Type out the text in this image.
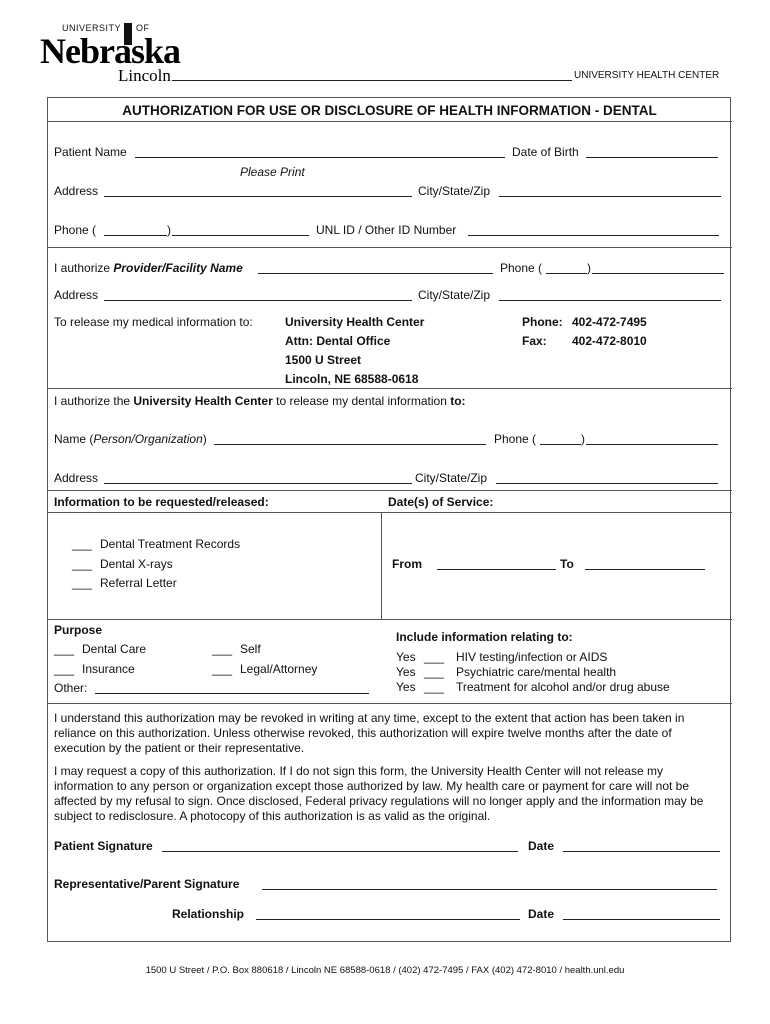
UNIVERSITY OF
Nebraska
Lincoln	UNIVERSITY HEALTH CENTER
AUTHORIZATION FOR USE OR DISCLOSURE OF HEALTH INFORMATION - DENTAL
Patient Name	Date of Birth
Please Print
Address	City/State/Zip
Phone (	)	UNL ID / Other ID Number
I authorize Provider/Facility Name	Phone (	)
Address	City/State/Zip
To release my medical information to:	University Health Center
Attn: Dental Office
1500 U Street
Lincoln, NE 68588-0618
Phone: 402-472-7495
Fax: 402-472-8010
I authorize the University Health Center to release my dental information to:
Name (Person/Organization)	Phone (	)
Address	City/State/Zip
Information to be requested/released:	Date(s) of Service:
___ Dental Treatment Records
___ Dental X-rays
___ Referral Letter
From	To
Purpose
___ Dental Care	___ Self
___ Insurance	___ Legal/Attorney
Other:
Include information relating to:
Yes ___ HIV testing/infection or AIDS
Yes ___ Psychiatric care/mental health
Yes ___ Treatment for alcohol and/or drug abuse
I understand this authorization may be revoked in writing at any time, except to the extent that action has been taken in reliance on this authorization. Unless otherwise revoked, this authorization will expire twelve months after the date of execution by the patient or their representative.
I may request a copy of this authorization. If I do not sign this form, the University Health Center will not release my information to any person or organization except those authorized by law. My health care or payment for care will not be affected by my refusal to sign. Once disclosed, Federal privacy regulations will no longer apply and the information may be subject to redisclosure. A photocopy of this authorization is as valid as the original.
Patient Signature	Date
Representative/Parent Signature
Relationship	Date
1500 U Street / P.O. Box 880618 / Lincoln NE 68588-0618 / (402) 472-7495 / FAX (402) 472-8010 / health.unl.edu
